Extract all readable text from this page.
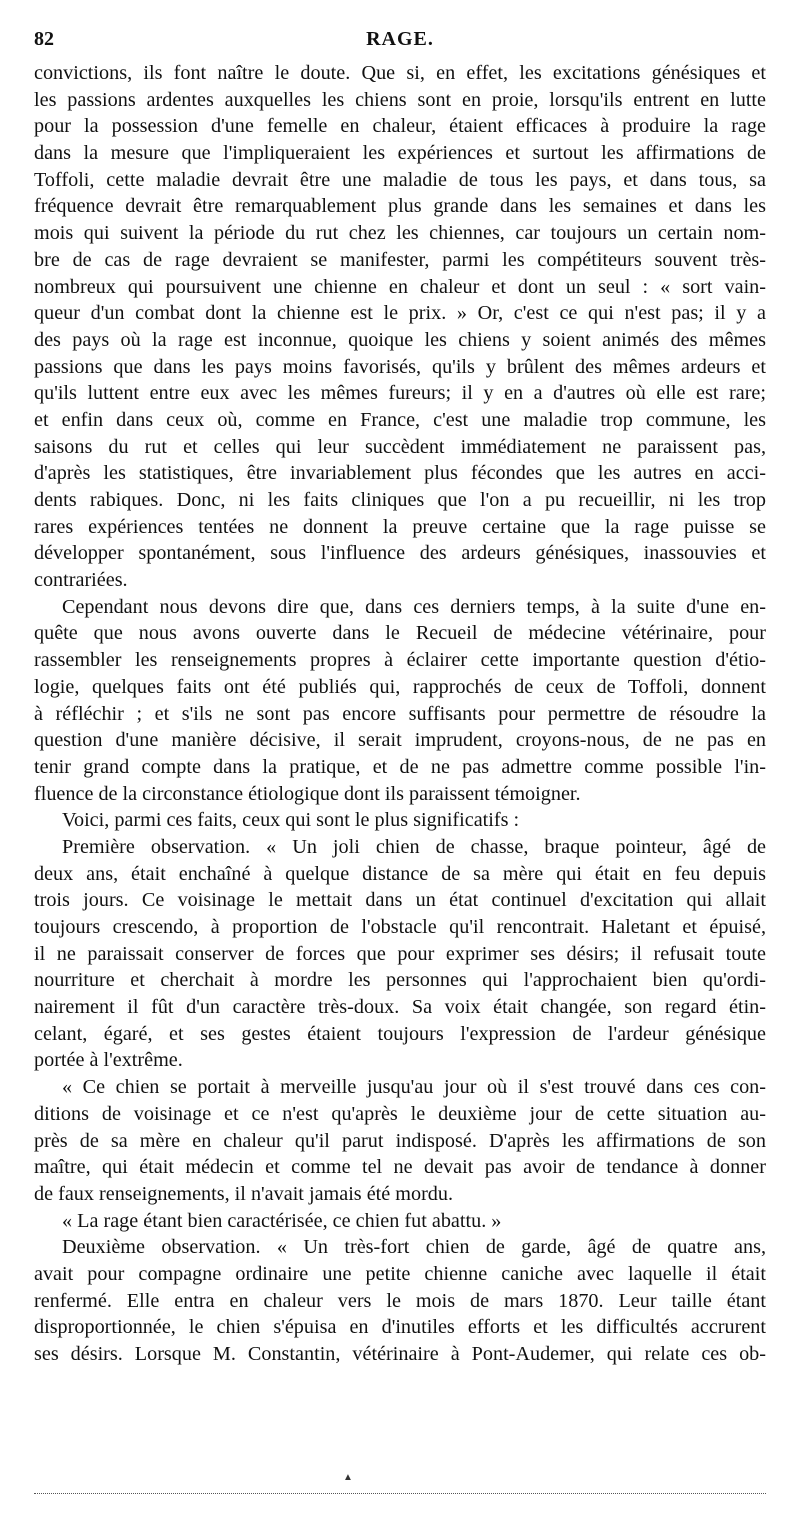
82	RAGE.
convictions, ils font naître le doute. Que si, en effet, les excitations génésiques et
les passions ardentes auxquelles les chiens sont en proie, lorsqu'ils entrent en lutte
pour la possession d'une femelle en chaleur, étaient efficaces à produire la rage
dans la mesure que l'impliqueraient les expériences et surtout les affirmations de
Toffoli, cette maladie devrait être une maladie de tous les pays, et dans tous, sa
fréquence devrait être remarquablement plus grande dans les semaines et dans les
mois qui suivent la période du rut chez les chiennes, car toujours un certain nom-
bre de cas de rage devraient se manifester, parmi les compétiteurs souvent très-
nombreux qui poursuivent une chienne en chaleur et dont un seul : « sort vain-
queur d'un combat dont la chienne est le prix. » Or, c'est ce qui n'est pas; il y a
des pays où la rage est inconnue, quoique les chiens y soient animés des mêmes
passions que dans les pays moins favorisés, qu'ils y brûlent des mêmes ardeurs et
qu'ils luttent entre eux avec les mêmes fureurs; il y en a d'autres où elle est rare;
et enfin dans ceux où, comme en France, c'est une maladie trop commune, les
saisons du rut et celles qui leur succèdent immédiatement ne paraissent pas,
d'après les statistiques, être invariablement plus fécondes que les autres en acci-
dents rabiques. Donc, ni les faits cliniques que l'on a pu recueillir, ni les trop
rares expériences tentées ne donnent la preuve certaine que la rage puisse se
développer spontanément, sous l'influence des ardeurs génésiques, inassouvies et
contrariées.
Cependant nous devons dire que, dans ces derniers temps, à la suite d'une en-
quête que nous avons ouverte dans le Recueil de médecine vétérinaire, pour
rassembler les renseignements propres à éclairer cette importante question d'étio-
logie, quelques faits ont été publiés qui, rapprochés de ceux de Toffoli, donnent
à réfléchir ; et s'ils ne sont pas encore suffisants pour permettre de résoudre la
question d'une manière décisive, il serait imprudent, croyons-nous, de ne pas en
tenir grand compte dans la pratique, et de ne pas admettre comme possible l'in-
fluence de la circonstance étiologique dont ils paraissent témoigner.
Voici, parmi ces faits, ceux qui sont le plus significatifs :
Première observation. « Un joli chien de chasse, braque pointeur, âgé de
deux ans, était enchaîné à quelque distance de sa mère qui était en feu depuis
trois jours. Ce voisinage le mettait dans un état continuel d'excitation qui allait
toujours crescendo, à proportion de l'obstacle qu'il rencontrait. Haletant et épuisé,
il ne paraissait conserver de forces que pour exprimer ses désirs; il refusait toute
nourriture et cherchait à mordre les personnes qui l'approchaient bien qu'ordi-
nairement il fût d'un caractère très-doux. Sa voix était changée, son regard étin-
celant, égaré, et ses gestes étaient toujours l'expression de l'ardeur génésique
portée à l'extrême.
« Ce chien se portait à merveille jusqu'au jour où il s'est trouvé dans ces con-
ditions de voisinage et ce n'est qu'après le deuxième jour de cette situation au-
près de sa mère en chaleur qu'il parut indisposé. D'après les affirmations de son
maître, qui était médecin et comme tel ne devait pas avoir de tendance à donner
de faux renseignements, il n'avait jamais été mordu.
« La rage étant bien caractérisée, ce chien fut abattu. »
Deuxième observation. « Un très-fort chien de garde, âgé de quatre ans,
avait pour compagne ordinaire une petite chienne caniche avec laquelle il était
renfermé. Elle entra en chaleur vers le mois de mars 1870. Leur taille étant
disproportionnée, le chien s'épuisa en d'inutiles efforts et les difficultés accrurent
ses désirs. Lorsque M. Constantin, vétérinaire à Pont-Audemer, qui relate ces ob-
▲
